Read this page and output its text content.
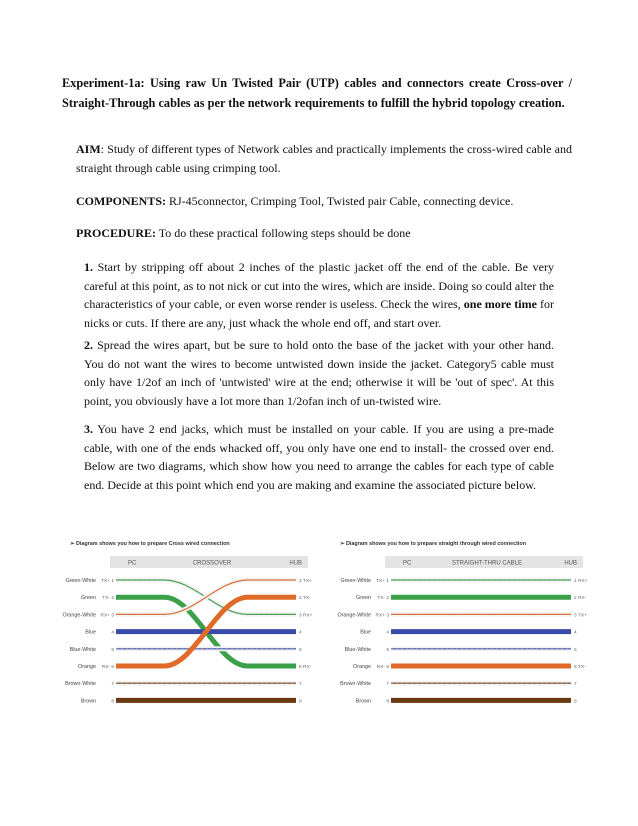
Experiment-1a: Using raw Un Twisted Pair (UTP) cables and connectors create Cross-over / Straight-Through cables as per the network requirements to fulfill the hybrid topology creation.
AIM: Study of different types of Network cables and practically implements the cross-wired cable and straight through cable using crimping tool.
COMPONENTS: RJ-45connector, Crimping Tool, Twisted pair Cable, connecting device.
PROCEDURE: To do these practical following steps should be done
1. Start by stripping off about 2 inches of the plastic jacket off the end of the cable. Be very careful at this point, as to not nick or cut into the wires, which are inside. Doing so could alter the characteristics of your cable, or even worse render is useless. Check the wires, one more time for nicks or cuts. If there are any, just whack the whole end off, and start over.
2. Spread the wires apart, but be sure to hold onto the base of the jacket with your other hand. You do not want the wires to become untwisted down inside the jacket. Category5 cable must only have 1/2of an inch of 'untwisted' wire at the end; otherwise it will be 'out of spec'. At this point, you obviously have a lot more than 1/2ofan inch of un-twisted wire.
3. You have 2 end jacks, which must be installed on your cable. If you are using a pre-made cable, with one of the ends whacked off, you only have one end to install- the crossed over end. Below are two diagrams, which show how you need to arrange the cables for each type of cable end. Decide at this point which end you are making and examine the associated picture below.
➢ Diagram shows you how to prepare Cross wired connection
PC	CROSSOVER	HUB
Green-White TX+ 1	1 TX+
Green TX- 2	2 TX-
Orange-White RX+ 3	3 RX+
Blue	4	4
Blue-White	5	5
Orange RX- 6	6 RX-
Brown-White	7	7
Brown	8	8
➢ Diagram shows you how to prepare straight through wired connection
PC	STRAIGHT-THRU CABLE	HUB
Green-White TX+ 1	1 RX+
Green TX- 2	2 RX-
Orange-White RX+ 3	3 TX+
Blue	4	4
Blue-White	5	5
Orange RX- 6	6 TX-
Brown-White	7	7
Brown	8	8
